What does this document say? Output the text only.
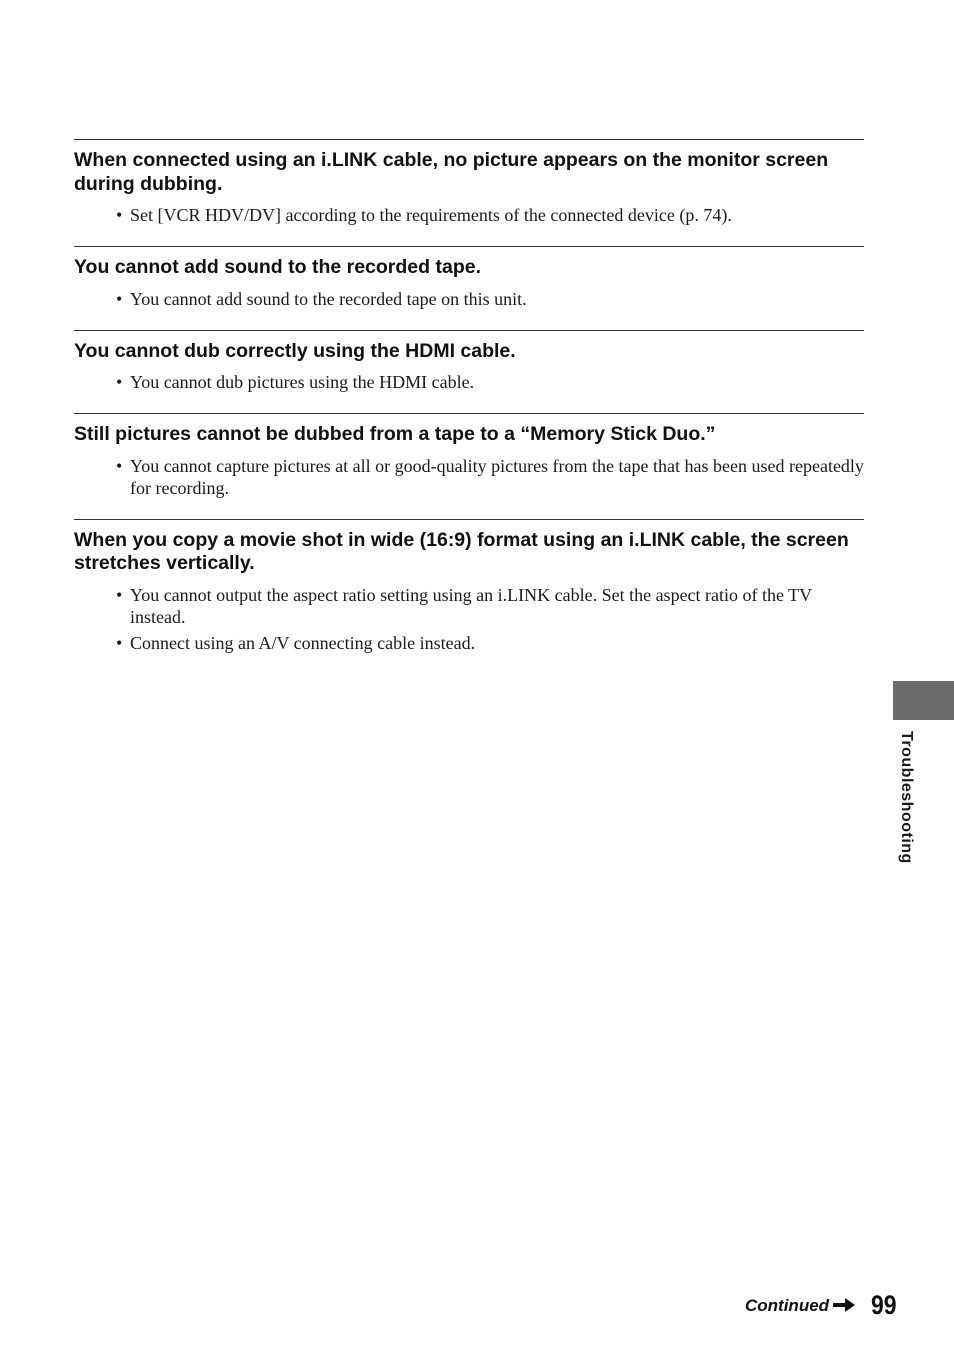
When connected using an i.LINK cable, no picture appears on the monitor screen during dubbing.
• Set [VCR HDV/DV] according to the requirements of the connected device (p. 74).
You cannot add sound to the recorded tape.
• You cannot add sound to the recorded tape on this unit.
You cannot dub correctly using the HDMI cable.
• You cannot dub pictures using the HDMI cable.
Still pictures cannot be dubbed from a tape to a “Memory Stick Duo.”
• You cannot capture pictures at all or good-quality pictures from the tape that has been used repeatedly for recording.
When you copy a movie shot in wide (16:9) format using an i.LINK cable, the screen stretches vertically.
• You cannot output the aspect ratio setting using an i.LINK cable. Set the aspect ratio of the TV instead.
• Connect using an A/V connecting cable instead.
Troubleshooting
Continued 99
